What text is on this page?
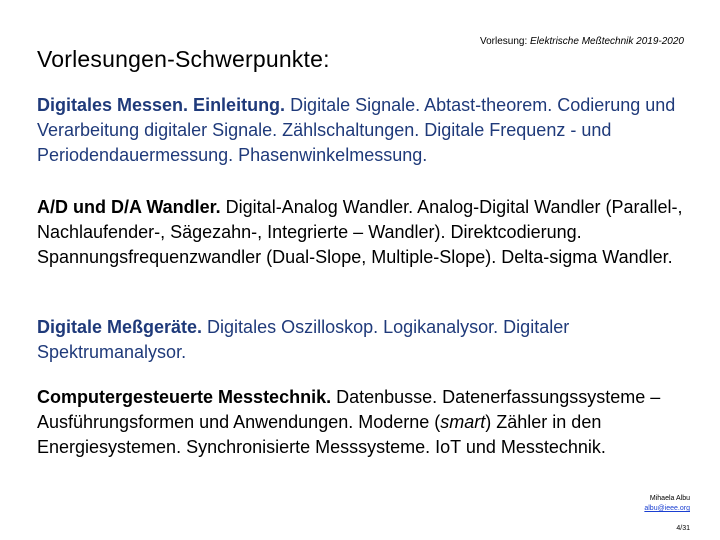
Vorlesung: Elektrische Meßtechnik 2019-2020
Vorlesungen-Schwerpunkte:
Digitales Messen. Einleitung. Digitale Signale. Abtast-theorem. Codierung und Verarbeitung digitaler Signale. Zählschaltungen. Digitale Frequenz - und Periodendauermessung. Phasenwinkelmessung.
A/D und D/A Wandler. Digital-Analog Wandler. Analog-Digital Wandler (Parallel-, Nachlaufender-, Sägezahn-, Integrierte – Wandler). Direktcodierung. Spannungsfrequenzwandler (Dual-Slope, Multiple-Slope). Delta-sigma Wandler.
Digitale Meßgeräte. Digitales Oszilloskop. Logikanalysor. Digitaler Spektrumanalysor.
Computergesteuerte Messtechnik. Datenbusse. Datenerfassungssysteme – Ausführungsformen und Anwendungen. Moderne (smart) Zähler in den Energiesystemen. Synchronisierte Messsysteme. IoT und Messtechnik.
Mihaela Albu
albu@ieee.org
4/31
